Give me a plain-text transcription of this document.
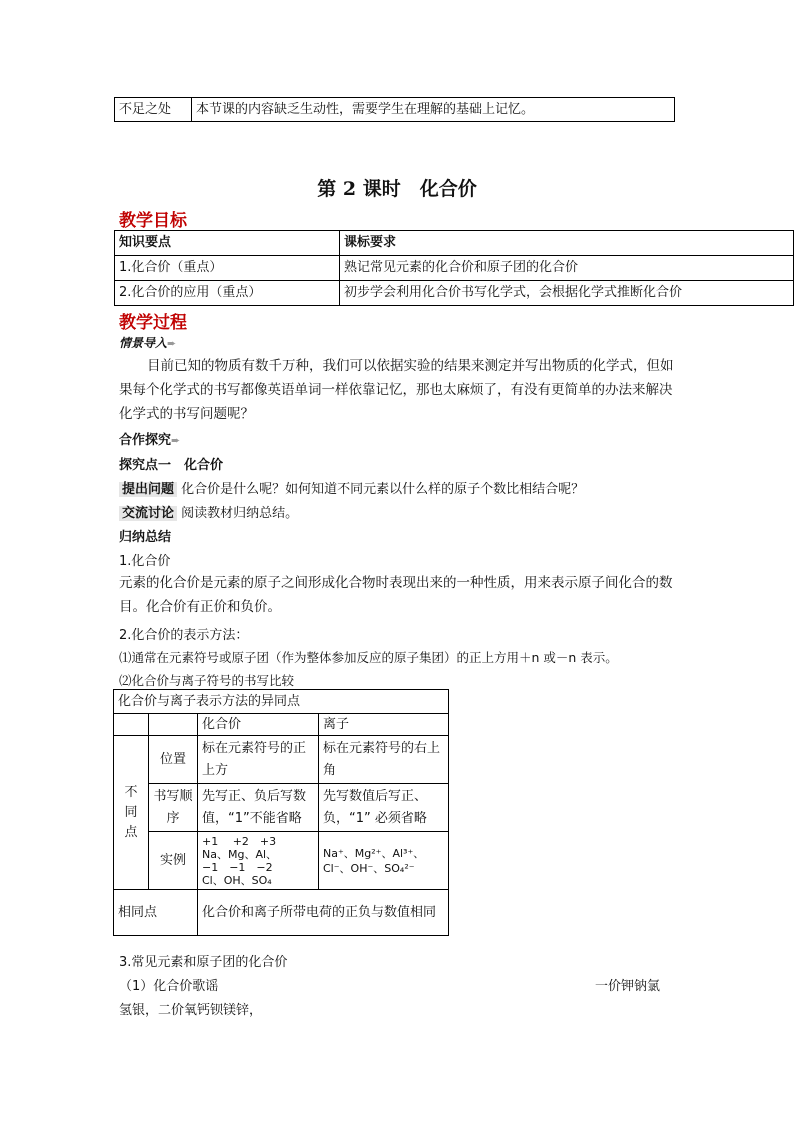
不足之处	本节课的内容缺乏生动性，需要学生在理解的基础上记忆。
第 2 课时　化合价
教学目标
知识要点	课标要求
1.化合价（重点）	熟记常见元素的化合价和原子团的化合价
2.化合价的应用（重点）	初步学会利用化合价书写化学式，会根据化学式推断化合价
教学过程
情景导入➨
目前已知的物质有数千万种，我们可以依据实验的结果来测定并写出物质的化学式，但如果每个化学式的书写都像英语单词一样依靠记忆，那也太麻烦了，有没有更简单的办法来解决化学式的书写问题呢？
合作探究➨
探究点一　化合价
提出问题 化合价是什么呢？如何知道不同元素以什么样的原子个数比相结合呢？
交流讨论 阅读教材归纳总结。
归纳总结
1.化合价
元素的化合价是元素的原子之间形成化合物时表现出来的一种性质，用来表示原子间化合的数目。化合价有正价和负价。
2.化合价的表示方法：
⑴通常在元素符号或原子团（作为整体参加反应的原子集团）的正上方用＋n 或－n 表示。
⑵化合价与离子符号的书写比较
化合价与离子表示方法的异同点			
		化合价	离子

不同点	位置	标在元素符号的正上方	标在元素符号的右上角
	书写顺序	先写正、负后写数值，“1”不能省略	先写数值后写正、负，“1” 必须省略
	实例	+1　 +2　+3
Na、Mg、Al、
−1　−1　−2
Cl、OH、SO₄	Na⁺、Mg²⁺、Al³⁺、Cl⁻、OH⁻、SO₄²⁻
相同点		化合价和离子所带电荷的正负与数值相同	
3.常见元素和原子团的化合价
（1）化合价歌谣	一价钾钠氯
氢银，二价氧钙钡镁锌，
